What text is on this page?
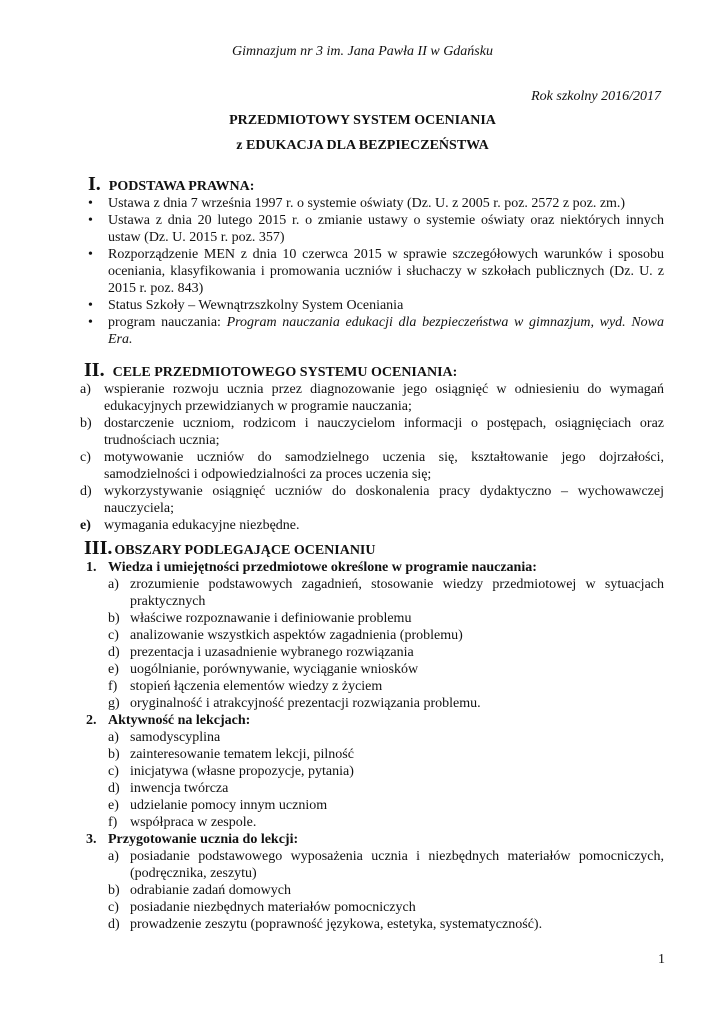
Gimnazjum nr 3 im. Jana Pawła II w Gdańsku
Rok szkolny 2016/2017
PRZEDMIOTOWY SYSTEM OCENIANIA
z EDUKACJA DLA BEZPIECZEŃSTWA
I. PODSTAWA PRAWNA:
• Ustawa z dnia 7 września 1997 r. o systemie oświaty (Dz. U. z 2005 r. poz. 2572 z poz. zm.)
• Ustawa z dnia 20 lutego 2015 r. o zmianie ustawy o systemie oświaty oraz niektórych innych ustaw (Dz. U. 2015 r. poz. 357)
• Rozporządzenie MEN z dnia 10 czerwca 2015 w sprawie szczegółowych warunków i sposobu oceniania, klasyfikowania i promowania uczniów i słuchaczy w szkołach publicznych (Dz. U. z 2015 r. poz. 843)
• Status Szkoły – Wewnątrzszkolny System Oceniania
• program nauczania: Program nauczania edukacji dla bezpieczeństwa w gimnazjum, wyd. Nowa Era.
II. CELE PRZEDMIOTOWEGO SYSTEMU OCENIANIA:
a) wspieranie rozwoju ucznia przez diagnozowanie jego osiągnięć w odniesieniu do wymagań edukacyjnych przewidzianych w programie nauczania;
b) dostarczenie uczniom, rodzicom i nauczycielom informacji o postępach, osiągnięciach oraz trudnościach ucznia;
c) motywowanie uczniów do samodzielnego uczenia się, kształtowanie jego dojrzałości, samodzielności i odpowiedzialności za proces uczenia się;
d) wykorzystywanie osiągnięć uczniów do doskonalenia pracy dydaktyczno – wychowawczej nauczyciela;
e) wymagania edukacyjne niezbędne.
III. OBSZARY PODLEGAJĄCE OCENIANIU
1. Wiedza i umiejętności przedmiotowe określone w programie nauczania:
a) zrozumienie podstawowych zagadnień, stosowanie wiedzy przedmiotowej w sytuacjach praktycznych
b) właściwe rozpoznawanie i definiowanie problemu
c) analizowanie wszystkich aspektów zagadnienia (problemu)
d) prezentacja i uzasadnienie wybranego rozwiązania
e) uogólnianie, porównywanie, wyciąganie wniosków
f) stopień łączenia elementów wiedzy z życiem
g) oryginalność i atrakcyjność prezentacji rozwiązania problemu.
2. Aktywność na lekcjach:
a) samodyscyplina
b) zainteresowanie tematem lekcji, pilność
c) inicjatywa (własne propozycje, pytania)
d) inwencja twórcza
e) udzielanie pomocy innym uczniom
f) współpraca w zespole.
3. Przygotowanie ucznia do lekcji:
a) posiadanie podstawowego wyposażenia ucznia i niezbędnych materiałów pomocniczych, (podręcznika, zeszytu)
b) odrabianie zadań domowych
c) posiadanie niezbędnych materiałów pomocniczych
d) prowadzenie zeszytu (poprawność językowa, estetyka, systematyczność).
1
